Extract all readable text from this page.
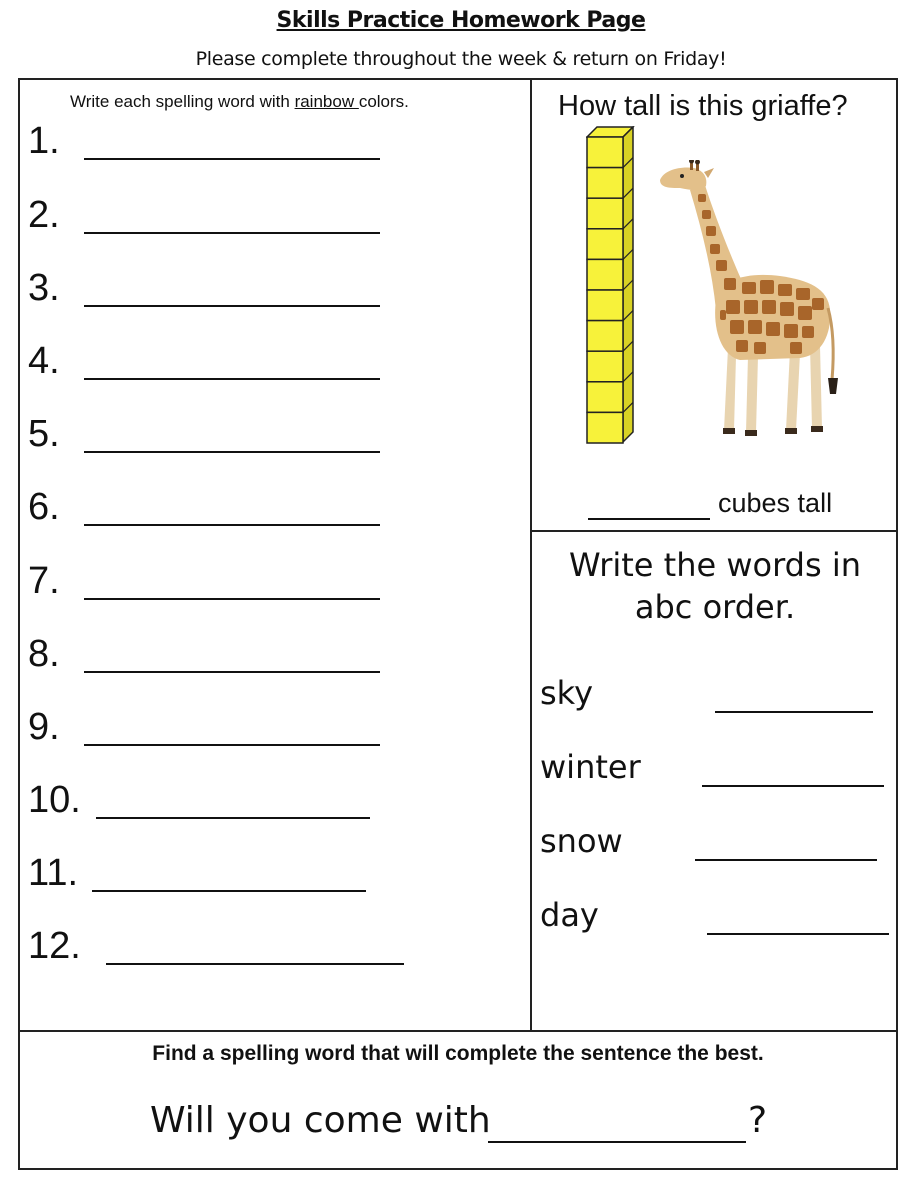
Skills Practice Homework Page
Please complete throughout the week & return on Friday!
Write each spelling word with rainbow colors.
1.
2.
3.
4.
5.
6.
7.
8.
9.
10.
11.
12.
How tall is this griaffe?
cubes tall
Write the words in
abc order.
sky
winter
snow
day
Find a spelling word that will complete the sentence the best.
Will you come with	?
